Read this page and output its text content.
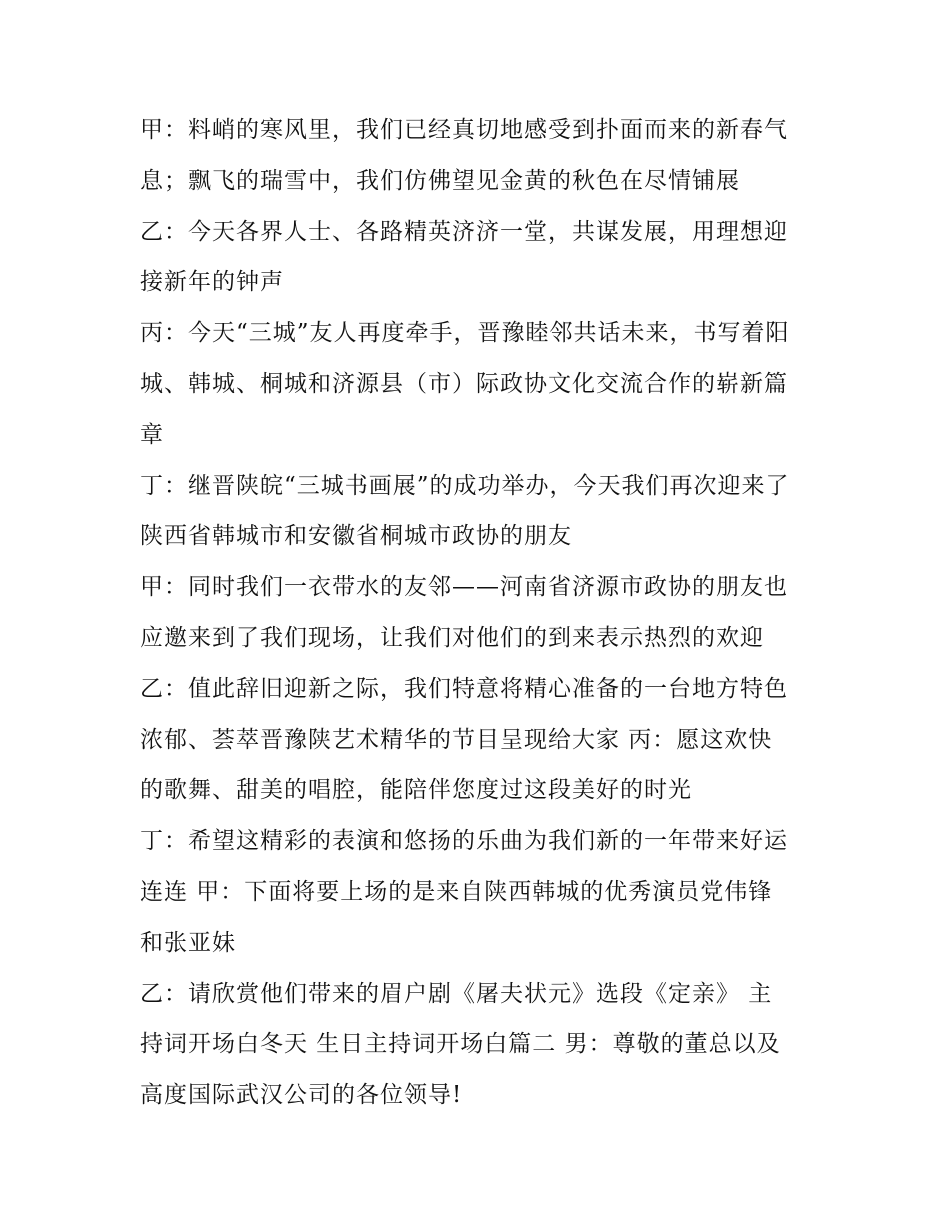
甲：料峭的寒风里，我们已经真切地感受到扑面而来的新春气
息；飘飞的瑞雪中，我们仿佛望见金黄的秋色在尽情铺展
乙：今天各界人士、各路精英济济一堂，共谋发展，用理想迎
接新年的钟声
丙：今天“三城”友人再度牵手，晋豫睦邻共话未来，书写着阳
城、韩城、桐城和济源县（市）际政协文化交流合作的崭新篇
章
丁：继晋陕皖“三城书画展”的成功举办，今天我们再次迎来了
陕西省韩城市和安徽省桐城市政协的朋友
甲：同时我们一衣带水的友邻——河南省济源市政协的朋友也
应邀来到了我们现场，让我们对他们的到来表示热烈的欢迎
乙：值此辞旧迎新之际，我们特意将精心准备的一台地方特色
浓郁、荟萃晋豫陕艺术精华的节目呈现给大家 丙：愿这欢快
的歌舞、甜美的唱腔，能陪伴您度过这段美好的时光
丁：希望这精彩的表演和悠扬的乐曲为我们新的一年带来好运
连连 甲：下面将要上场的是来自陕西韩城的优秀演员党伟锋
和张亚妹
乙：请欣赏他们带来的眉户剧《屠夫状元》选段《定亲》 主
持词开场白冬天 生日主持词开场白篇二 男：尊敬的董总以及
高度国际武汉公司的各位领导!
